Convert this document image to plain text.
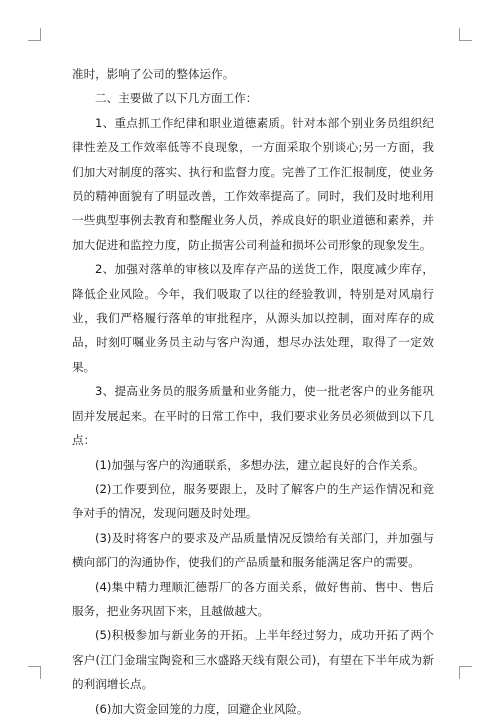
准时，影响了公司的整体运作。

二、主要做了以下几方面工作：

1、重点抓工作纪律和职业道德素质。针对本部个别业务员组织纪律性差及工作效率低等不良现象，一方面采取个别谈心;另一方面，我们加大对制度的落实、执行和监督力度。完善了工作汇报制度，使业务员的精神面貌有了明显改善，工作效率提高了。同时，我们及时地利用一些典型事例去教育和整醒业务人员，养成良好的职业道德和素养，并加大促进和监控力度，防止损害公司利益和损坏公司形象的现象发生。

2、加强对落单的审核以及库存产品的送货工作，限度减少库存，降低企业风险。今年，我们吸取了以往的经验教训，特别是对风扇行业，我们严格履行落单的审批程序，从源头加以控制，面对库存的成品，时刻叮嘱业务员主动与客户沟通，想尽办法处理，取得了一定效果。

3、提高业务员的服务质量和业务能力，使一批老客户的业务能巩固并发展起来。在平时的日常工作中，我们要求业务员必须做到以下几点：

(1)加强与客户的沟通联系，多想办法，建立起良好的合作关系。

(2)工作要到位，服务要跟上，及时了解客户的生产运作情况和竞争对手的情况，发现问题及时处理。

(3)及时将客户的要求及产品质量情况反馈给有关部门，并加强与横向部门的沟通协作，使我们的产品质量和服务能满足客户的需要。

(4)集中精力理顺汇德帮厂的各方面关系，做好售前、售中、售后服务，把业务巩固下来，且越做越大。

(5)积极参加与新业务的开拓。上半年经过努力，成功开拓了两个客户(江门金瑞宝陶瓷和三水盛路天线有限公司)，有望在下半年成为新的利润增长点。

(6)加大资金回笼的力度，回避企业风险。
